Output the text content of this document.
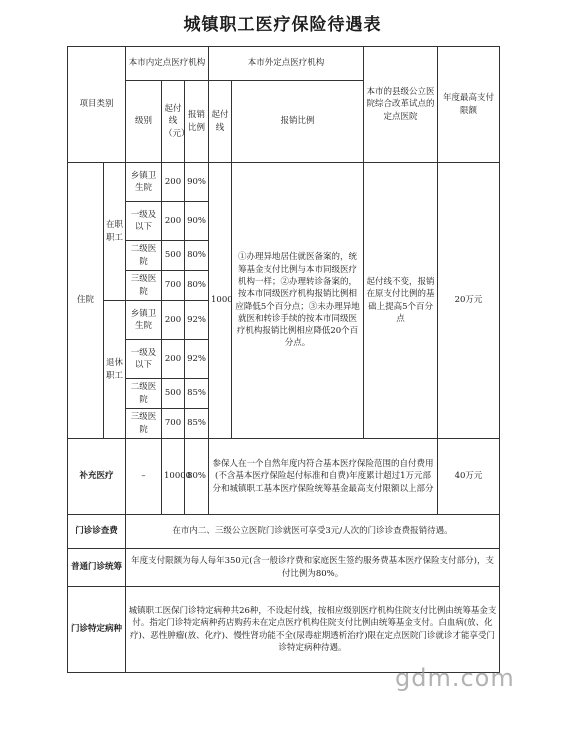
城镇职工医疗保险待遇表
项目类别		本市内定点医疗机构			本市外定点医疗机构		本市的县级公立医院综合改革试点的定点医院	年度最高支付限额
		级别	起付线（元）	报销比例	起付线	报销比例		
住院	在职职工	乡镇卫生院	200	90%	1000	①办理异地居住就医备案的，统筹基金支付比例与本市同级医疗机构一样；②办理转诊备案的，按本市同级医疗机构报销比例相应降低5个百分点；③未办理异地就医和转诊手续的按本市同级医疗机构报销比例相应降低20个百分点。	起付线不变，报销在原支付比例的基础上提高5个百分点	20万元
		一级及以下	200	90%				
		二级医院	500	80%				
		三级医院	700	80%				
	退休职工	乡镇卫生院	200	92%				
		一级及以下	200	92%				
		二级医院	500	85%				
		三级医院	700	85%				
补充医疗		–	10000	80%	参保人在一个自然年度内符合基本医疗保险范围的自付费用(不含基本医疗保险起付标准和自费)年度累计超过1万元部分和城镇职工基本医疗保险统筹基金最高支付限额以上部分			40万元
门诊诊查费		在市内二、三级公立医院门诊就医可享受3元/人次的门诊诊查费报销待遇。						
普通门诊统筹		年度支付限额为每人每年350元(含一般诊疗费和家庭医生签约服务费基本医疗保险支付部分)，支付比例为80%。						
门诊特定病种		城镇职工医保门诊特定病种共26种，不设起付线，按相应级别医疗机构住院支付比例由统筹基金支付。指定门诊特定病种药店购药未在定点医疗机构住院支付比例由统筹基金支付。白血病(放、化疗)、恶性肿瘤(放、化疗)、慢性肾功能不全(尿毒症期透析治疗)限在定点医院门诊就诊才能享受门诊特定病种待遇。						
gdm.com
